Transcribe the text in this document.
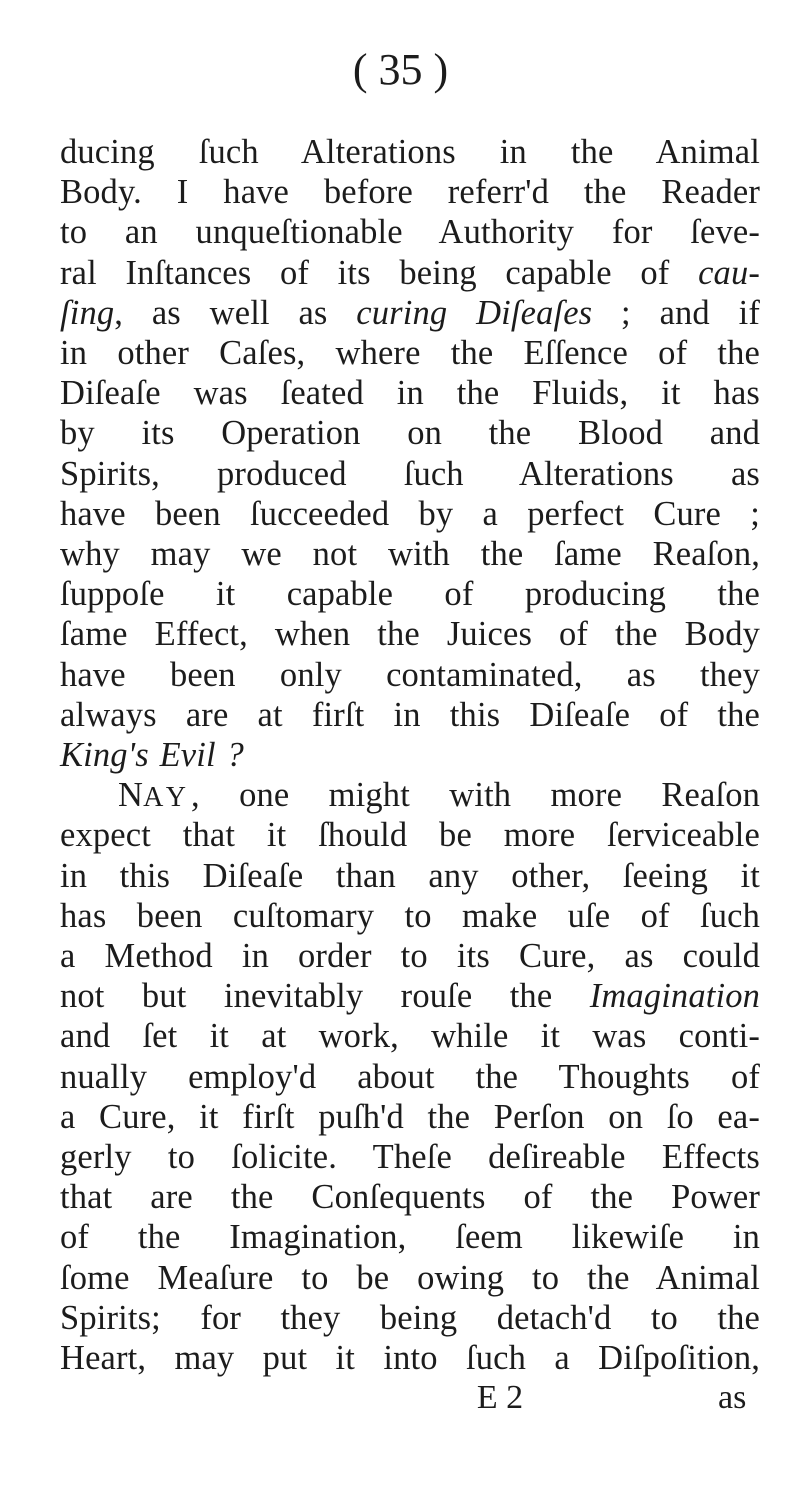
( 35 )
ducing ſuch Alterations in the Animal
Body. I have before referr'd the Reader
to an unqueſtionable Authority for ſeve-
ral Inſtances of its being capable of cau-
ſing, as well as curing Diſeaſes ; and if
in other Caſes, where the Eſſence of the
Diſeaſe was ſeated in the Fluids, it has
by its Operation on the Blood and
Spirits, produced ſuch Alterations as
have been ſucceeded by a perfect Cure ;
why may we not with the ſame Reaſon,
ſuppoſe it capable of producing the
ſame Effect, when the Juices of the Body
have been only contaminated, as they
always are at firſt in this Diſeaſe of the
King's Evil ?
NAY, one might with more Reaſon
expect that it ſhould be more ſerviceable
in this Diſeaſe than any other, ſeeing it
has been cuſtomary to make uſe of ſuch
a Method in order to its Cure, as could
not but inevitably rouſe the Imagination
and ſet it at work, while it was conti-
nually employ'd about the Thoughts of
a Cure, it firſt puſh'd the Perſon on ſo ea-
gerly to ſolicite. Theſe deſireable Effects
that are the Conſequents of the Power
of the Imagination, ſeem likewiſe in
ſome Meaſure to be owing to the Animal
Spirits; for they being detach'd to the
Heart, may put it into ſuch a Diſpoſition,
E 2	as
